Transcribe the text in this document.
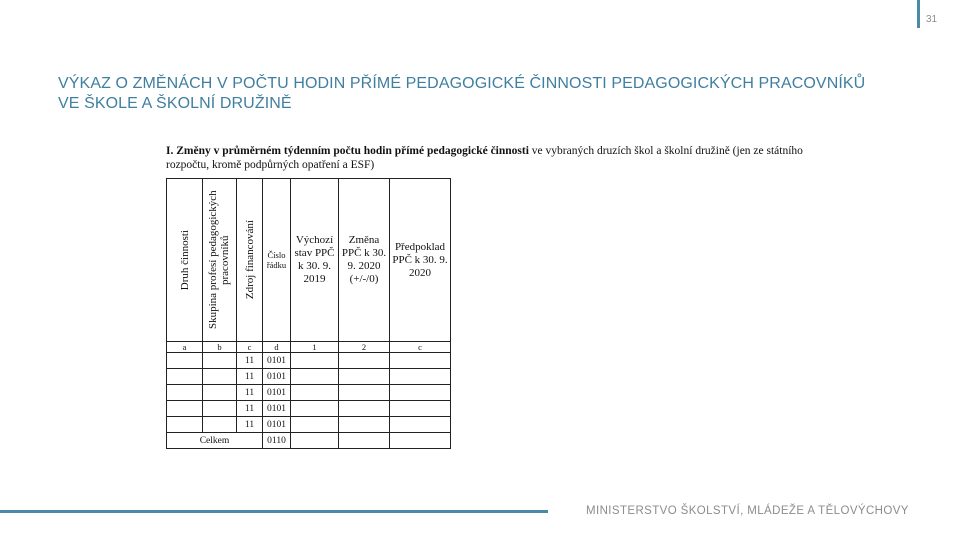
31
VÝKAZ O ZMĚNÁCH V POČTU HODIN PŘÍMÉ PEDAGOGICKÉ ČINNOSTI PEDAGOGICKÝCH PRACOVNÍKŮ VE ŠKOLE A ŠKOLNÍ DRUŽINĚ
I. Změny v průměrném týdenním počtu hodin přímé pedagogické činnosti ve vybraných druzích škol a školní družině (jen ze státního rozpočtu, kromě podpůrných opatření a ESF)
Druh činnosti	Skupina profesí pedagogických pracovníků	Zdroj financování	Číslo řádku	Výchozí stav PPČ k 30. 9. 2019	Změna PPČ k 30. 9. 2020 (+/-/0)	Předpoklad PPČ k 30. 9. 2020
a	b	c	d	1	2	c
		11	0101			
		11	0101			
		11	0101			
		11	0101			
		11	0101			
Celkem			0110			
MINISTERSTVO ŠKOLSTVÍ, MLÁDEŽE A TĚLOVÝCHOVY
